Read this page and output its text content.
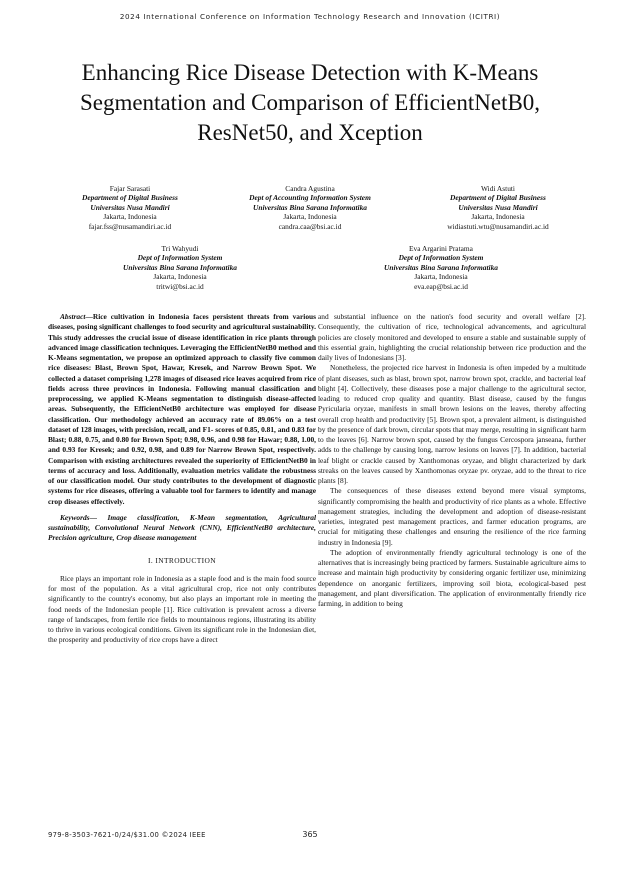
2024 International Conference on Information Technology Research and Innovation (ICITRI)
Enhancing Rice Disease Detection with K-Means
Segmentation and Comparison of EfficientNetB0,
ResNet50, and Xception
Fajar Sarasati
Department of Digital Business
Universitas Nusa Mandiri
Jakarta, Indonesia
fajar.fss@nusamandiri.ac.id
Candra Agustina
Dept of Accounting Information System
Universitas Bina Sarana Informatika
Jakarta, Indonesia
candra.caa@bsi.ac.id
Widi Astuti
Department of Digital Business
Universitas Nusa Mandiri
Jakarta, Indonesia
widiastuti.wtu@nusamandiri.ac.id
Tri Wahyudi
Dept of Information System
Universitas Bina Sarana Informatika
Jakarta, Indonesia
tritwi@bsi.ac.id
Eva Argarini Pratama
Dept of Information System
Universitas Bina Sarana Informatika
Jakarta, Indonesia
eva.eap@bsi.ac.id

Abstract—Rice cultivation in Indonesia faces persistent threats from various diseases, posing significant challenges to food security and agricultural sustainability. This study addresses the crucial issue of disease identification in rice plants through advanced image classification techniques. Leveraging the EfficientNetB0 method and K-Means segmentation, we propose an optimized approach to classify five common rice diseases: Blast, Brown Spot, Hawar, Kresek, and Narrow Brown Spot. We collected a dataset comprising 1,278 images of diseased rice leaves acquired from rice fields across three provinces in Indonesia. Following manual classification and preprocessing, we applied K-Means segmentation to distinguish disease-affected areas. Subsequently, the EfficientNetB0 architecture was employed for disease classification. Our methodology achieved an accuracy rate of 89.06% on a test dataset of 128 images, with precision, recall, and F1- scores of 0.85, 0.81, and 0.83 for Blast; 0.88, 0.75, and 0.80 for Brown Spot; 0.98, 0.96, and 0.98 for Hawar; 0.88, 1.00, and 0.93 for Kresek; and 0.92, 0.98, and 0.89 for Narrow Brown Spot, respectively. Comparison with existing architectures revealed the superiority of EfficientNetB0 in terms of accuracy and loss. Additionally, evaluation metrics validate the robustness of our classification model. Our study contributes to the development of diagnostic systems for rice diseases, offering a valuable tool for farmers to identify and manage crop diseases effectively.

Keywords— Image classification, K-Mean segmentation, Agricultural sustainability, Convolutional Neural Network (CNN), EfficientNetB0 architecture, Precision agriculture, Crop disease management

I. INTRODUCTION

Rice plays an important role in Indonesia as a staple food and is the main food source for most of the population. As a vital agricultural crop, rice not only contributes significantly to the country's economy, but also plays an important role in meeting the food needs of the Indonesian people [1]. Rice cultivation is prevalent across a diverse range of landscapes, from fertile rice fields to mountainous regions, illustrating its ability to thrive in various ecological conditions. Given its significant role in the Indonesian diet, the prosperity and productivity of rice crops have a direct

and substantial influence on the nation's food security and overall welfare [2]. Consequently, the cultivation of rice, technological advancements, and agricultural policies are closely monitored and developed to ensure a stable and sustainable supply of this essential grain, highlighting the crucial relationship between rice production and the daily lives of Indonesians [3].

Nonetheless, the projected rice harvest in Indonesia is often impeded by a multitude of plant diseases, such as blast, brown spot, narrow brown spot, crackle, and bacterial leaf blight [4]. Collectively, these diseases pose a major challenge to the agricultural sector, leading to reduced crop quality and quantity. Blast disease, caused by the fungus Pyricularia oryzae, manifests in small brown lesions on the leaves, thereby affecting overall crop health and productivity [5]. Brown spot, a prevalent ailment, is distinguished by the presence of dark brown, circular spots that may merge, resulting in significant harm to the leaves [6]. Narrow brown spot, caused by the fungus Cercospora janseana, further adds to the challenge by causing long, narrow lesions on leaves [7]. In addition, bacterial leaf blight or crackle caused by Xanthomonas oryzae, and blight characterized by dark streaks on the leaves caused by Xanthomonas oryzae pv. oryzae, add to the threat to rice plants [8].

The consequences of these diseases extend beyond mere visual symptoms, significantly compromising the health and productivity of rice plants as a whole. Effective management strategies, including the development and adoption of disease-resistant varieties, integrated pest management practices, and farmer education programs, are crucial for mitigating these challenges and ensuring the resilience of the rice farming industry in Indonesia [9].

The adoption of environmentally friendly agricultural technology is one of the alternatives that is increasingly being practiced by farmers. Sustainable agriculture aims to increase and maintain high productivity by considering organic fertilizer use, minimizing dependence on anorganic fertilizers, improving soil biota, ecological-based pest management, and plant diversification. The application of environmentally friendly rice farming, in addition to being

979-8-3503-7621-0/24/$31.00 ©2024 IEEE	365
